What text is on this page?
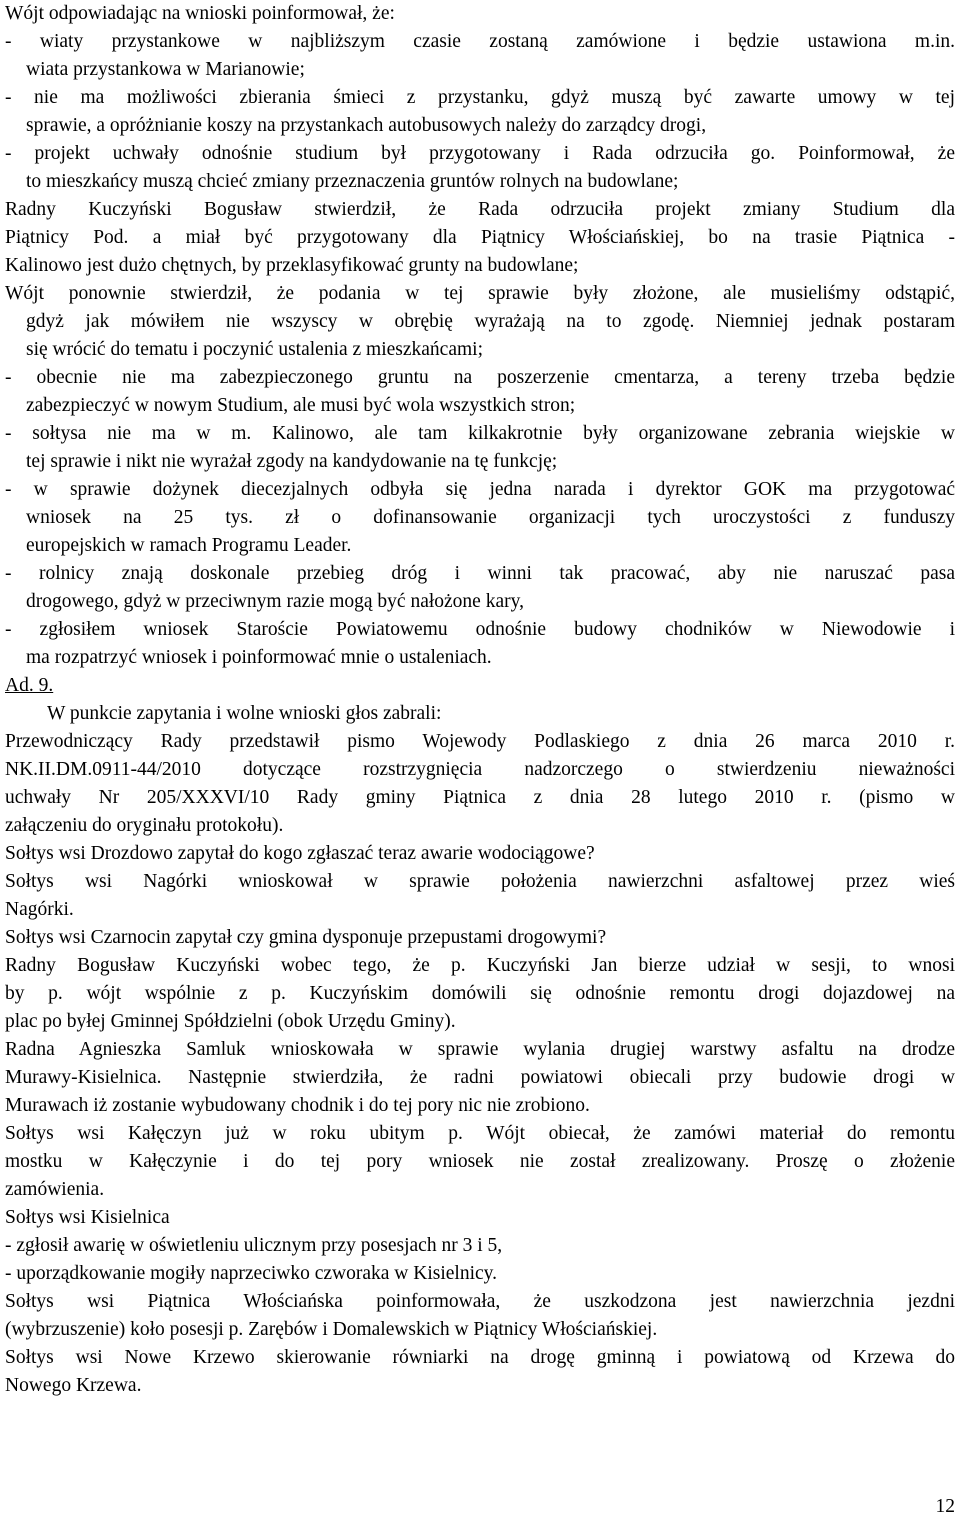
Wójt odpowiadając na wnioski poinformował, że:
- wiaty przystankowe w najbliższym czasie zostaną zamówione i będzie ustawiona m.in.
wiata przystankowa w Marianowie;
- nie ma możliwości zbierania śmieci z przystanku, gdyż muszą być zawarte umowy w tej
sprawie, a opróżnianie koszy na przystankach autobusowych należy do zarządcy drogi,
- projekt uchwały odnośnie studium był przygotowany i Rada odrzuciła go. Poinformował, że
to mieszkańcy muszą chcieć zmiany przeznaczenia gruntów rolnych na budowlane;
Radny Kuczyński Bogusław stwierdził, że Rada odrzuciła projekt zmiany Studium dla
Piątnicy Pod. a miał być przygotowany dla Piątnicy Włościańskiej, bo na trasie Piątnica -
Kalinowo jest dużo chętnych, by przeklasyfikować grunty na budowlane;
Wójt ponownie stwierdził, że podania w tej sprawie były złożone, ale musieliśmy odstąpić,
gdyż jak mówiłem nie wszyscy w obrębię wyrażają na to zgodę. Niemniej jednak postaram
się wrócić do tematu i poczynić ustalenia z mieszkańcami;
- obecnie nie ma zabezpieczonego gruntu na poszerzenie cmentarza, a tereny trzeba będzie
zabezpieczyć w nowym Studium, ale musi być wola wszystkich stron;
- sołtysa nie ma w m. Kalinowo, ale tam kilkakrotnie były organizowane zebrania wiejskie w
tej sprawie i nikt nie wyrażał zgody na kandydowanie na tę funkcję;
- w sprawie dożynek diecezjalnych odbyła się jedna narada i dyrektor GOK ma przygotować
wniosek na 25 tys. zł o dofinansowanie organizacji tych uroczystości z funduszy
europejskich w ramach Programu Leader.
- rolnicy znają doskonale przebieg dróg i winni tak pracować, aby nie naruszać pasa
drogowego, gdyż w przeciwnym razie mogą być nałożone kary,
- zgłosiłem wniosek Staroście Powiatowemu odnośnie budowy chodników w Niewodowie i
ma rozpatrzyć wniosek i poinformować mnie o ustaleniach.
Ad. 9.
W punkcie zapytania i wolne wnioski głos zabrali:
Przewodniczący Rady przedstawił pismo Wojewody Podlaskiego z dnia 26 marca 2010 r.
NK.II.DM.0911-44/2010 dotyczące rozstrzygnięcia nadzorczego o stwierdzeniu nieważności
uchwały Nr 205/XXXVI/10 Rady gminy Piątnica z dnia 28 lutego 2010 r. (pismo w
załączeniu do oryginału protokołu).
Sołtys wsi Drozdowo zapytał do kogo zgłaszać teraz awarie wodociągowe?
Sołtys wsi Nagórki wnioskował w sprawie położenia nawierzchni asfaltowej przez wieś
Nagórki.
Sołtys wsi Czarnocin zapytał czy gmina dysponuje przepustami drogowymi?
Radny Bogusław Kuczyński wobec tego, że p. Kuczyński Jan bierze udział w sesji, to wnosi
by p. wójt wspólnie z p. Kuczyńskim domówili się odnośnie remontu drogi dojazdowej na
plac po byłej Gminnej Spółdzielni (obok Urzędu Gminy).
Radna Agnieszka Samluk wnioskowała w sprawie wylania drugiej warstwy asfaltu na drodze
Murawy-Kisielnica. Następnie stwierdziła, że radni powiatowi obiecali przy budowie drogi w
Murawach iż zostanie wybudowany chodnik i do tej pory nic nie zrobiono.
Sołtys wsi Kałęczyn już w roku ubitym p. Wójt obiecał, że zamówi materiał do remontu
mostku w Kałęczynie i do tej pory wniosek nie został zrealizowany. Proszę o złożenie
zamówienia.
Sołtys wsi Kisielnica
- zgłosił awarię w oświetleniu ulicznym przy posesjach nr 3 i 5,
- uporządkowanie mogiły naprzeciwko czworaka w Kisielnicy.
Sołtys wsi Piątnica Włościańska poinformowała, że uszkodzona jest nawierzchnia jezdni
(wybrzuszenie) koło posesji p. Zarębów i Domalewskich w Piątnicy Włościańskiej.
Sołtys wsi Nowe Krzewo skierowanie równiarki na drogę gminną i powiatową od Krzewa do
Nowego Krzewa.
12
